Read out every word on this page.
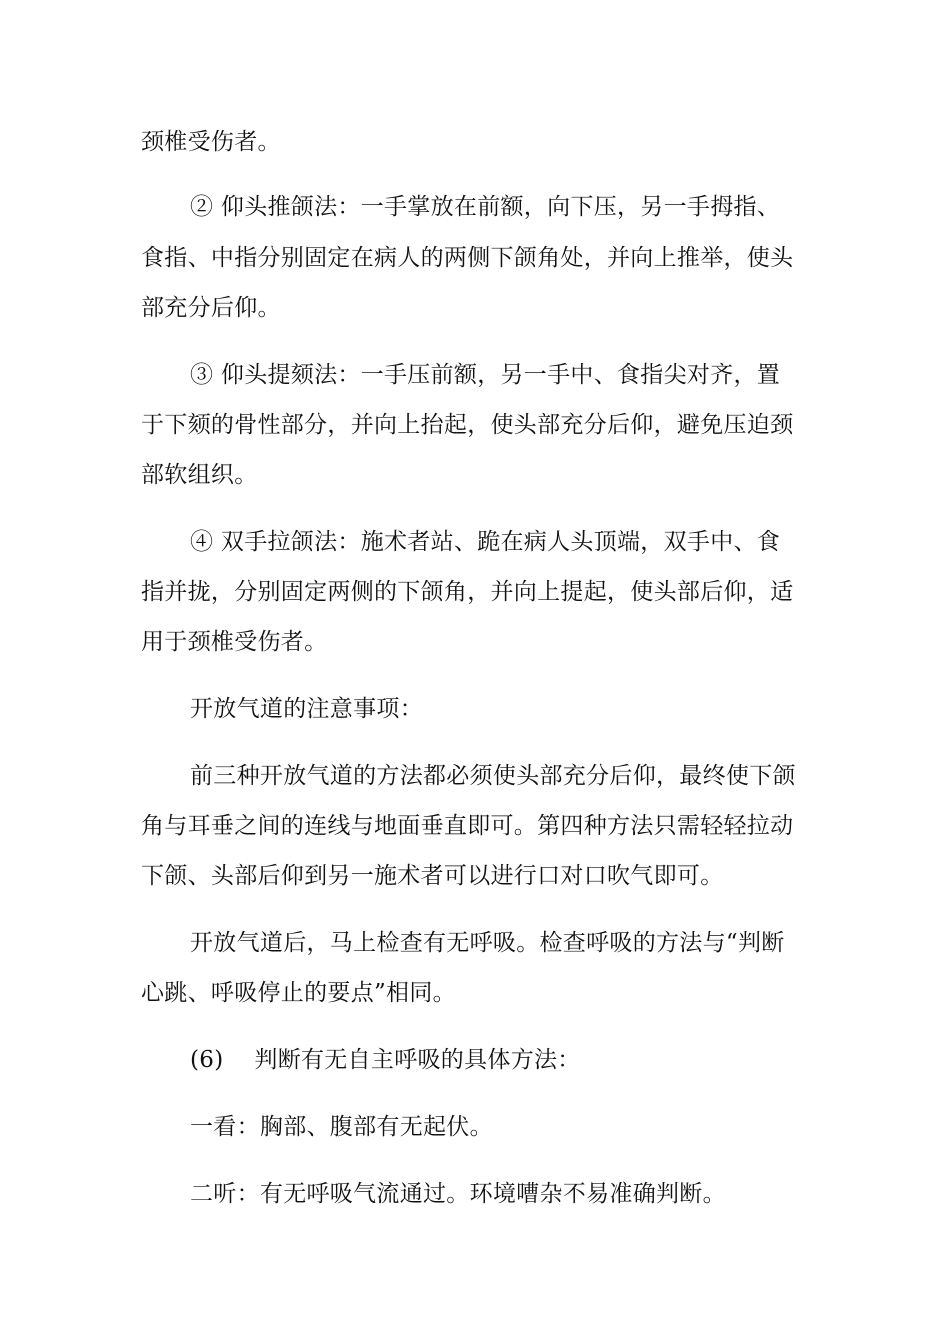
颈椎受伤者。
② 仰头推颌法：一手掌放在前额，向下压，另一手拇指、
食指、中指分别固定在病人的两侧下颌角处，并向上推举，使头
部充分后仰。
③ 仰头提颏法：一手压前额，另一手中、食指尖对齐，置
于下颏的骨性部分，并向上抬起，使头部充分后仰，避免压迫颈
部软组织。
④ 双手拉颌法：施术者站、跪在病人头顶端，双手中、食
指并拢，分别固定两侧的下颌角，并向上提起，使头部后仰，适
用于颈椎受伤者。
开放气道的注意事项：
前三种开放气道的方法都必须使头部充分后仰，最终使下颌
角与耳垂之间的连线与地面垂直即可。第四种方法只需轻轻拉动
下颌、头部后仰到另一施术者可以进行口对口吹气即可。
开放气道后，马上检查有无呼吸。检查呼吸的方法与“判断
心跳、呼吸停止的要点”相同。
(6)　 判断有无自主呼吸的具体方法：
一看：胸部、腹部有无起伏。
二听：有无呼吸气流通过。环境嘈杂不易准确判断。
